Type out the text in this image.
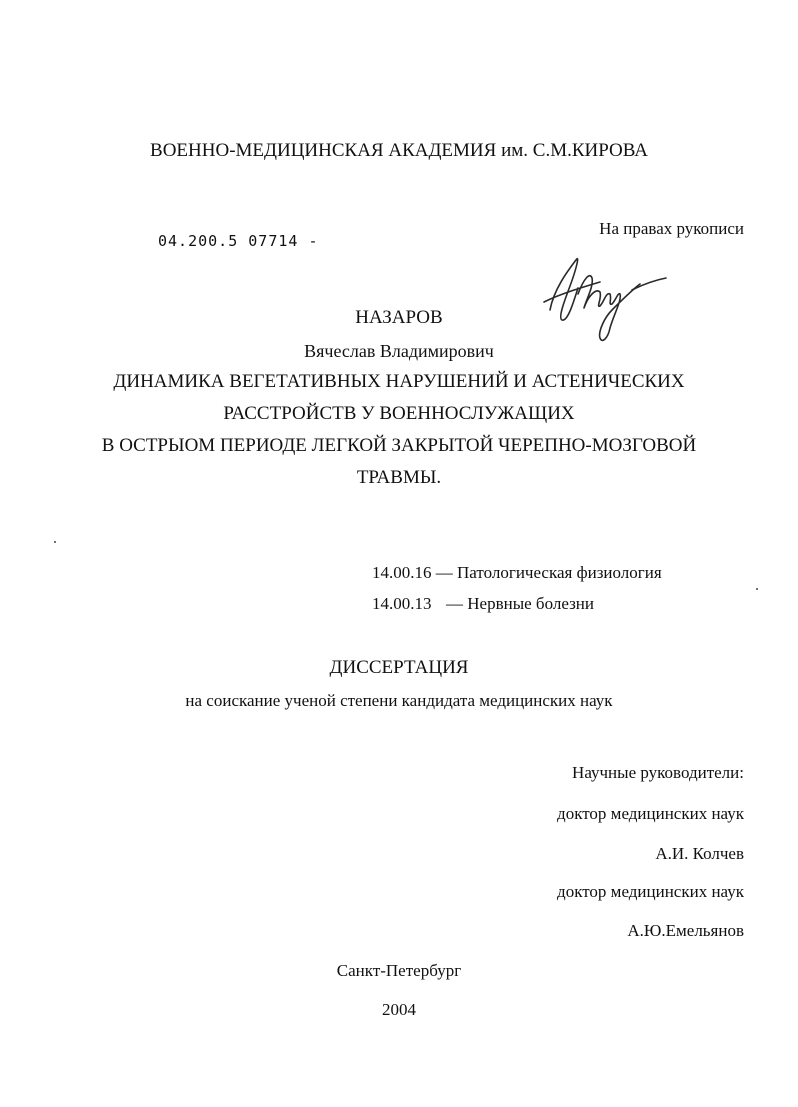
ВОЕННО-МЕДИЦИНСКАЯ АКАДЕМИЯ им. С.М.КИРОВА
04.200.5 07714 -
На правах рукописи
НАЗАРОВ
Вячеслав Владимирович
ДИНАМИКА ВЕГЕТАТИВНЫХ НАРУШЕНИЙ И АСТЕНИЧЕСКИХ
РАССТРОЙСТВ У ВОЕННОСЛУЖАЩИХ
В ОСТРЫОМ ПЕРИОДЕ ЛЕГКОЙ ЗАКРЫТОЙ ЧЕРЕПНО-МОЗГОВОЙ
ТРАВМЫ.
14.00.16 — Патологическая физиология
14.00.13 — Нервные болезни
ДИССЕРТАЦИЯ
на соискание ученой степени кандидата медицинских наук
Научные руководители:
доктор медицинских наук
А.И. Колчев
доктор медицинских наук
А.Ю.Емельянов
Санкт-Петербург
2004
